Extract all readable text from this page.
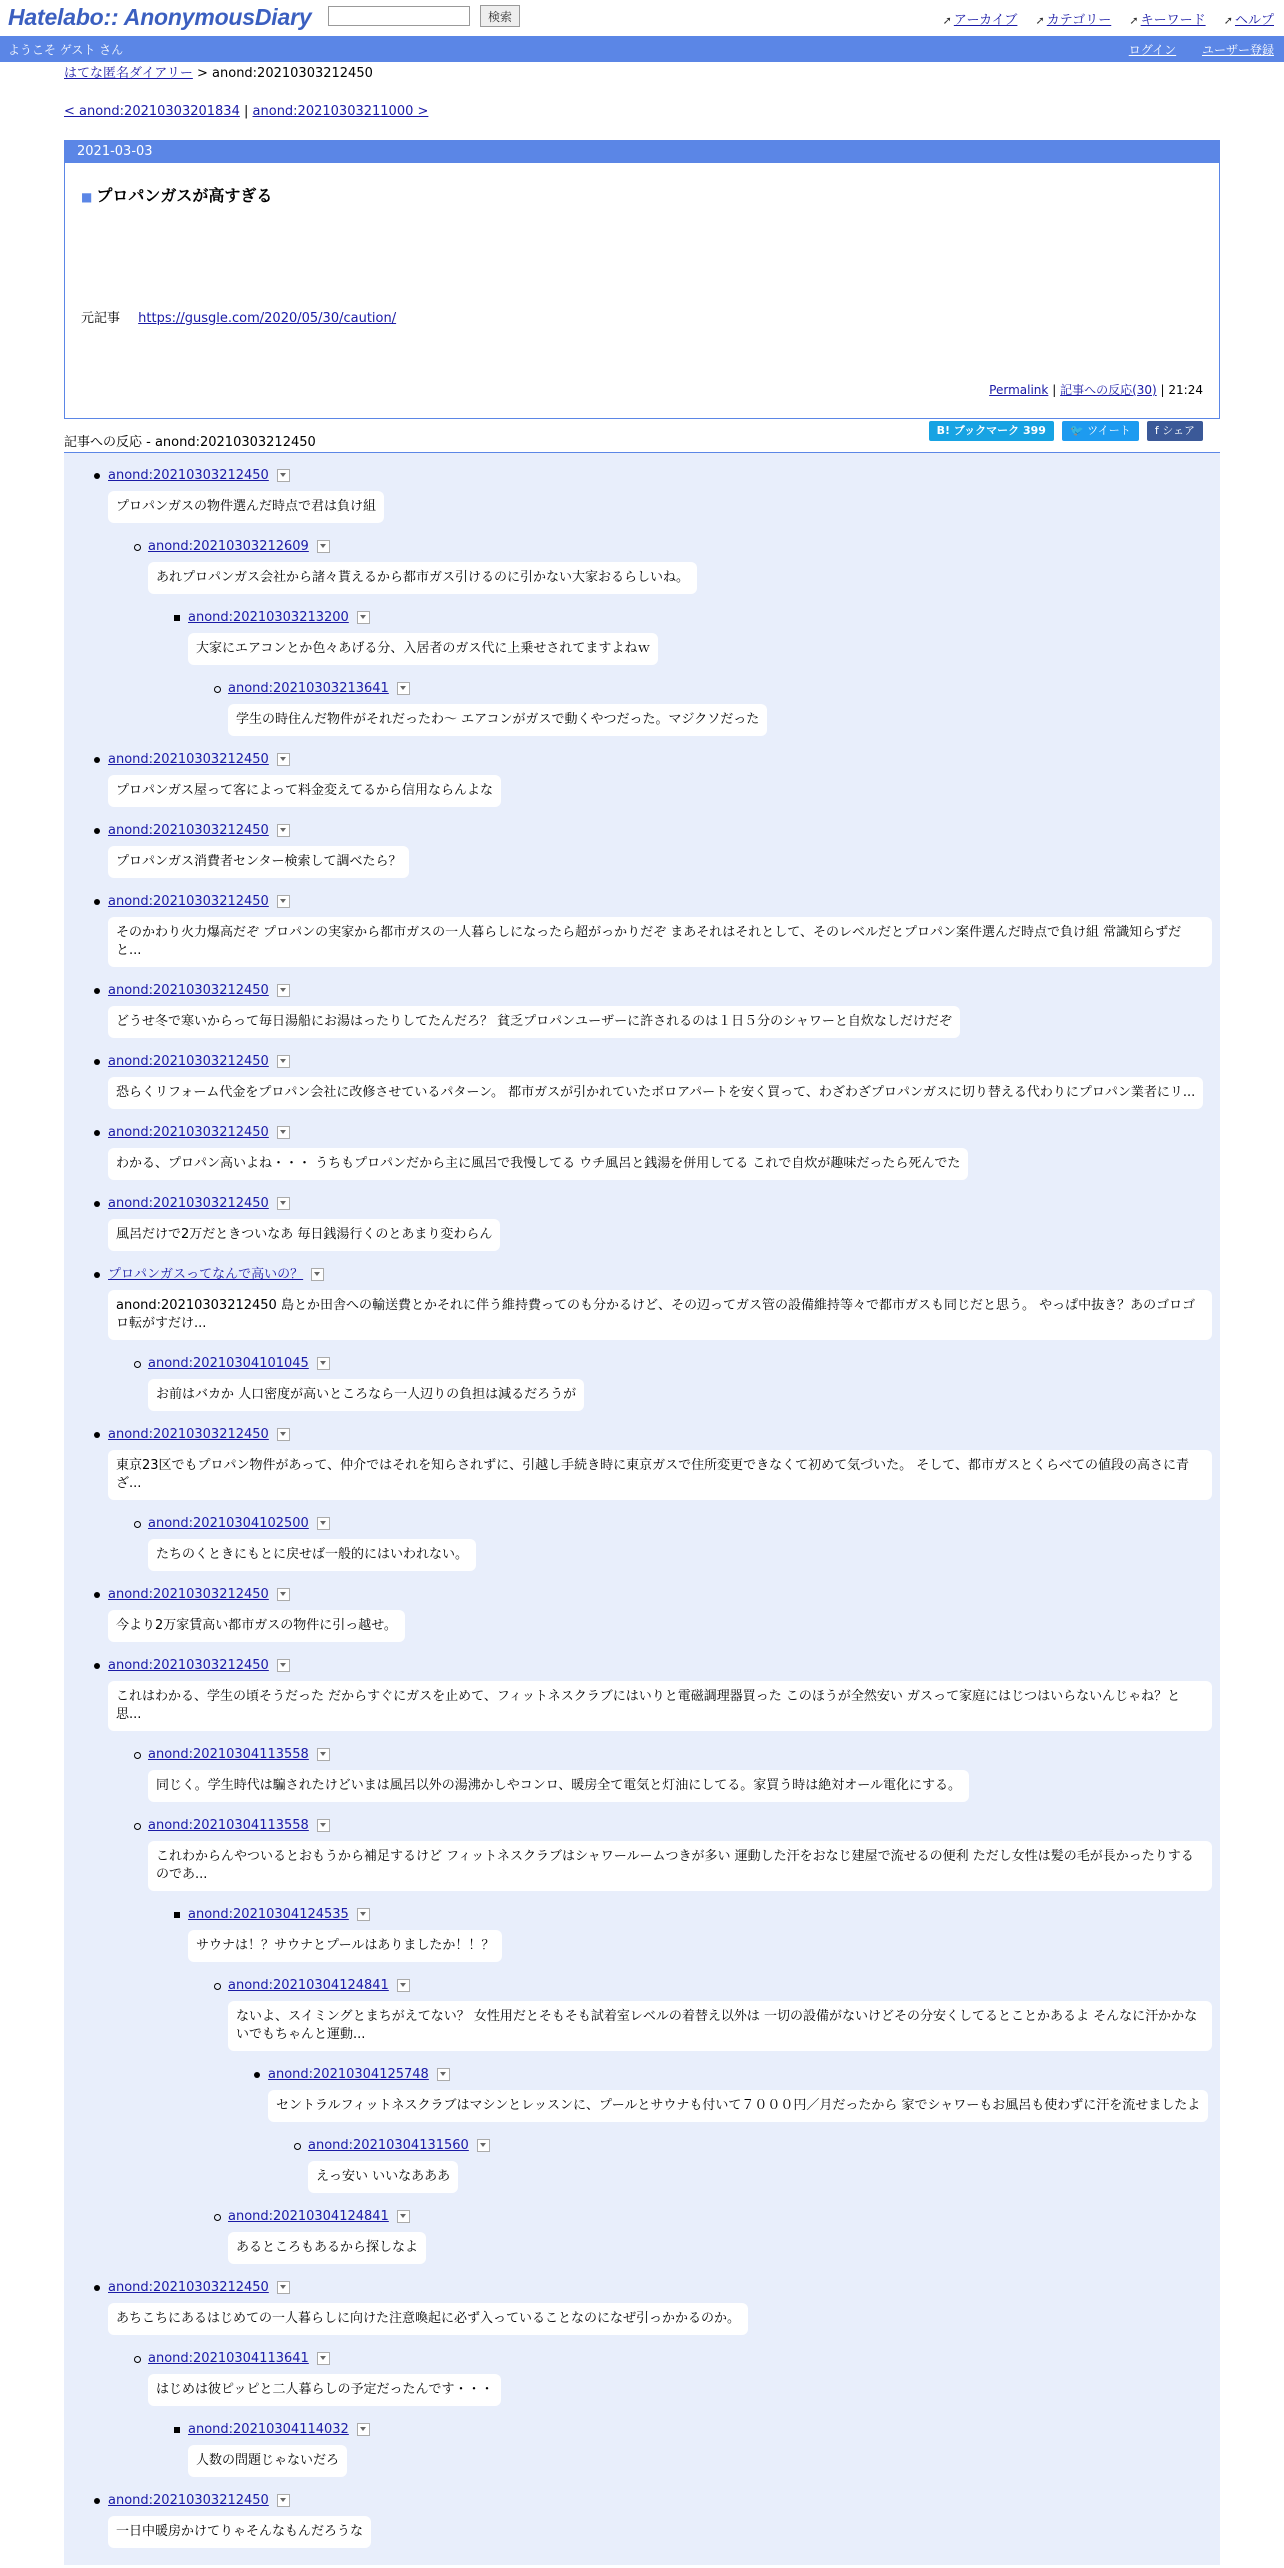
Hatelabo:: AnonymousDiary	検索	➚ アーカイブ ➚ カテゴリー ➚ キーワード ➚ ヘルプ
ようこそ ゲスト さん	ログイン ユーザー登録
はてな匿名ダイアリー > anond:20210303212450
< anond:20210303201834 | anond:20210303211000 >
2021-03-03
■ プロパンガスが高すぎる
元記事 https://gusgle.com/2020/05/30/caution/
Permalink | 記事への反応(30) | 21:24
B! ブックマーク 399 🐦 ツイート f シェア
記事への反応 - anond:20210303212450
anond:20210303212450
プロパンガスの物件選んだ時点で君は負け組
anond:20210303212609
あれプロパンガス会社から諸々貰えるから都市ガス引けるのに引かない大家おるらしいね。
anond:20210303213200
大家にエアコンとか色々あげる分、入居者のガス代に上乗せされてますよねｗ
anond:20210303213641
学生の時住んだ物件がそれだったわ〜 エアコンがガスで動くやつだった。マジクソだった
anond:20210303212450
プロパンガス屋って客によって料金変えてるから信用ならんよな
anond:20210303212450
プロパンガス消費者センター検索して調べたら？
anond:20210303212450
そのかわり火力爆高だぞ プロパンの実家から都市ガスの一人暮らしになったら超がっかりだぞ まあそれはそれとして、そのレベルだとプロパン案件選んだ時点で負け組 常識知らずだと...
anond:20210303212450
どうせ冬で寒いからって毎日湯船にお湯はったりしてたんだろ？ 貧乏プロパンユーザーに許されるのは１日５分のシャワーと自炊なしだけだぞ
anond:20210303212450
恐らくリフォーム代金をプロパン会社に改修させているパターン。 都市ガスが引かれていたボロアパートを安く買って、わざわざプロパンガスに切り替える代わりにプロパン業者にリ...
anond:20210303212450
わかる、プロパン高いよね・・・ うちもプロパンだから主に風呂で我慢してる ウチ風呂と銭湯を併用してる これで自炊が趣味だったら死んでた
anond:20210303212450
風呂だけで2万だときついなあ 毎日銭湯行くのとあまり変わらん
プロパンガスってなんで高いの？
anond:20210303212450 島とか田舎への輸送費とかそれに伴う維持費ってのも分かるけど、その辺ってガス管の設備維持等々で都市ガスも同じだと思う。 やっぱ中抜き？あのゴロゴロ転がすだけ...
anond:20210304101045
お前はバカか 人口密度が高いところなら一人辺りの負担は減るだろうが
anond:20210303212450
東京23区でもプロパン物件があって、仲介ではそれを知らされずに、引越し手続き時に東京ガスで住所変更できなくて初めて気づいた。 そして、都市ガスとくらべての値段の高さに青ざ...
anond:20210304102500
たちのくときにもとに戻せば一般的にはいわれない。
anond:20210303212450
今より2万家賃高い都市ガスの物件に引っ越せ。
anond:20210303212450
これはわかる、学生の頃そうだった だからすぐにガスを止めて、フィットネスクラブにはいりと電磁調理器買った このほうが全然安い ガスって家庭にはじつはいらないんじゃね？と思...
anond:20210304113558
同じく。学生時代は騙されたけどいまは風呂以外の湯沸かしやコンロ、暖房全て電気と灯油にしてる。家買う時は絶対オール電化にする。
anond:20210304113558
これわからんやついるとおもうから補足するけど フィットネスクラブはシャワールームつきが多い 運動した汗をおなじ建屋で流せるの便利 ただし女性は髪の毛が長かったりするのであ...
anond:20210304124535
サウナは！？サウナとプールはありましたか！！？
anond:20210304124841
ないよ、スイミングとまちがえてない？ 女性用だとそもそも試着室レベルの着替え以外は 一切の設備がないけどその分安くしてるとことかあるよ そんなに汗かかないでもちゃんと運動...
anond:20210304125748
セントラルフィットネスクラブはマシンとレッスンに、プールとサウナも付いて７０００円／月だったから 家でシャワーもお風呂も使わずに汗を流せましたよ
anond:20210304131560
えっ安い いいなあああ
anond:20210304124841
あるところもあるから探しなよ
anond:20210303212450
あちこちにあるはじめての一人暮らしに向けた注意喚起に必ず入っていることなのになぜ引っかかるのか。
anond:20210304113641
はじめは彼ピッピと二人暮らしの予定だったんです・・・
anond:20210304114032
人数の問題じゃないだろ
anond:20210303212450
一日中暖房かけてりゃそんなもんだろうな
